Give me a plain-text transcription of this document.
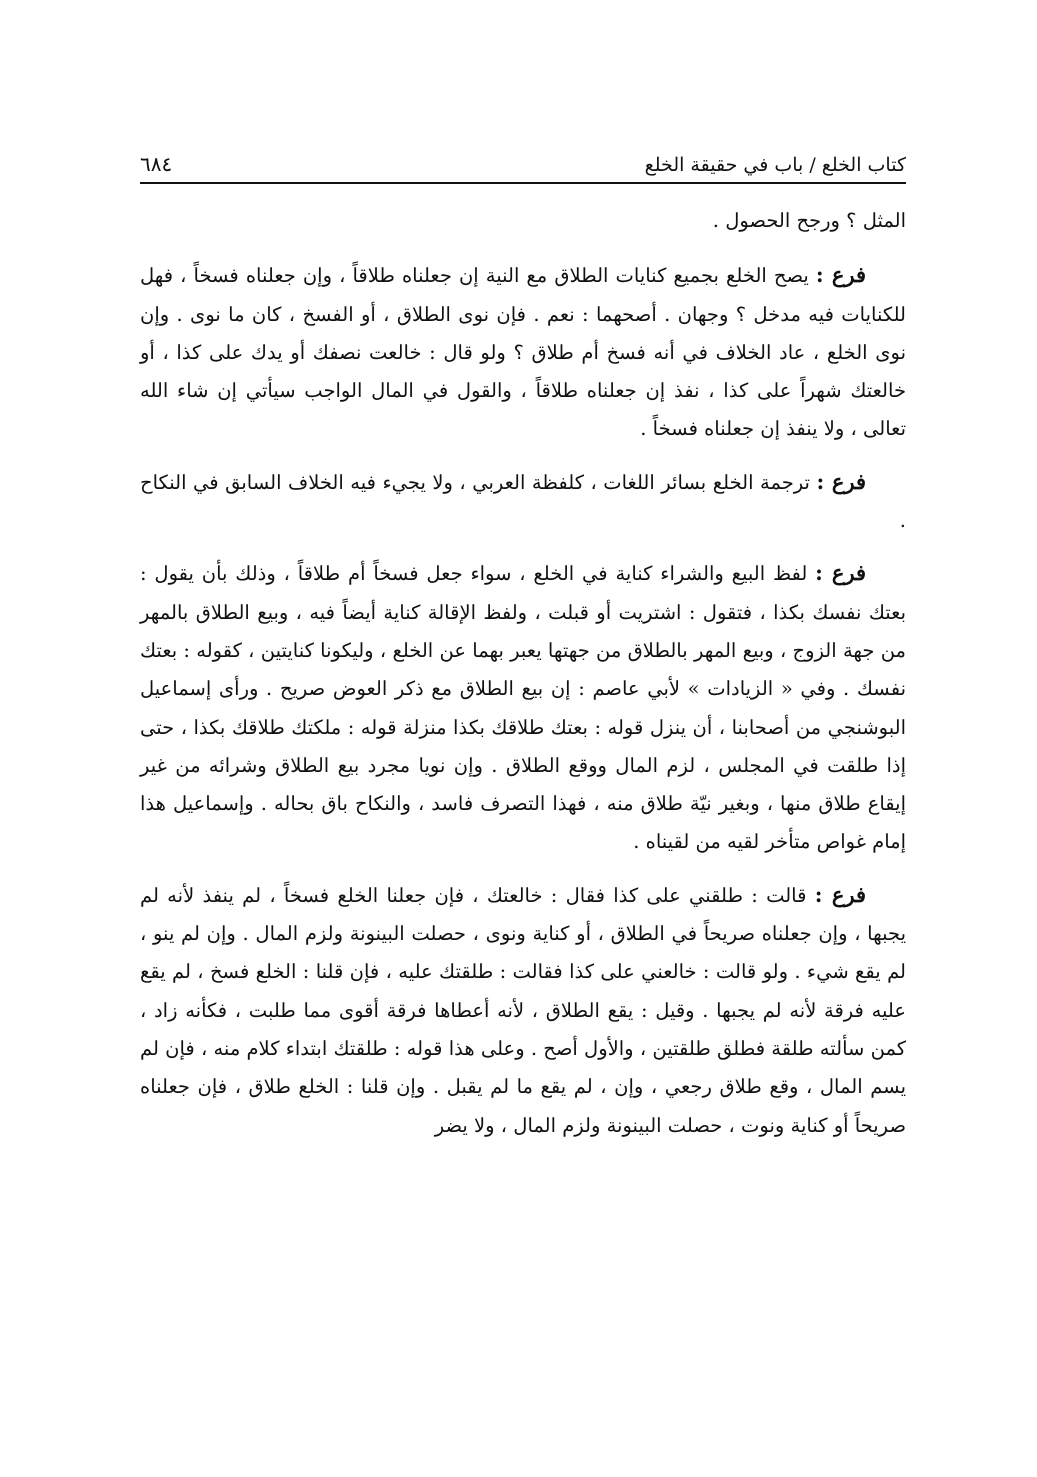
كتاب الخلع / باب في حقيقة الخلع
٦٨٤

المثل ؟ ورجح الحصول .

فرع : يصح الخلع بجميع كنايات الطلاق مع النية إن جعلناه طلاقاً ، وإن جعلناه فسخاً ، فهل للكنايات فيه مدخل ؟ وجهان . أصحهما : نعم . فإن نوى الطلاق ، أو الفسخ ، كان ما نوى . وإن نوى الخلع ، عاد الخلاف في أنه فسخ أم طلاق ؟ ولو قال : خالعت نصفك أو يدك على كذا ، أو خالعتك شهراً على كذا ، نفذ إن جعلناه طلاقاً ، والقول في المال الواجب سيأتي إن شاء الله تعالى ، ولا ينفذ إن جعلناه فسخاً .

فرع : ترجمة الخلع بسائر اللغات ، كلفظة العربي ، ولا يجيء فيه الخلاف السابق في النكاح .

فرع : لفظ البيع والشراء كناية في الخلع ، سواء جعل فسخاً أم طلاقاً ، وذلك بأن يقول : بعتك نفسك بكذا ، فتقول : اشتريت أو قبلت ، ولفظ الإقالة كناية أيضاً فيه ، وبيع الطلاق بالمهر من جهة الزوج ، وبيع المهر بالطلاق من جهتها يعبر بهما عن الخلع ، وليكونا كنايتين ، كقوله : بعتك نفسك . وفي « الزيادات » لأبي عاصم : إن بيع الطلاق مع ذكر العوض صريح . ورأى إسماعيل البوشنجي من أصحابنا ، أن ينزل قوله : بعتك طلاقك بكذا منزلة قوله : ملكتك طلاقك بكذا ، حتى إذا طلقت في المجلس ، لزم المال ووقع الطلاق . وإن نويا مجرد بيع الطلاق وشرائه من غير إيقاع طلاق منها ، وبغير نيّة طلاق منه ، فهذا التصرف فاسد ، والنكاح باق بحاله . وإسماعيل هذا إمام غواص متأخر لقيه من لقيناه .

فرع : قالت : طلقني على كذا فقال : خالعتك ، فإن جعلنا الخلع فسخاً ، لم ينفذ لأنه لم يجبها ، وإن جعلناه صريحاً في الطلاق ، أو كناية ونوى ، حصلت البينونة ولزم المال . وإن لم ينو ، لم يقع شيء . ولو قالت : خالعني على كذا فقالت : طلقتك عليه ، فإن قلنا : الخلع فسخ ، لم يقع عليه فرقة لأنه لم يجبها . وقيل : يقع الطلاق ، لأنه أعطاها فرقة أقوى مما طلبت ، فكأنه زاد ، كمن سألته طلقة فطلق طلقتين ، والأول أصح . وعلى هذا قوله : طلقتك ابتداء كلام منه ، فإن لم يسم المال ، وقع طلاق رجعي ، وإن ، لم يقع ما لم يقبل . وإن قلنا : الخلع طلاق ، فإن جعلناه صريحاً أو كناية ونوت ، حصلت البينونة ولزم المال ، ولا يضر
